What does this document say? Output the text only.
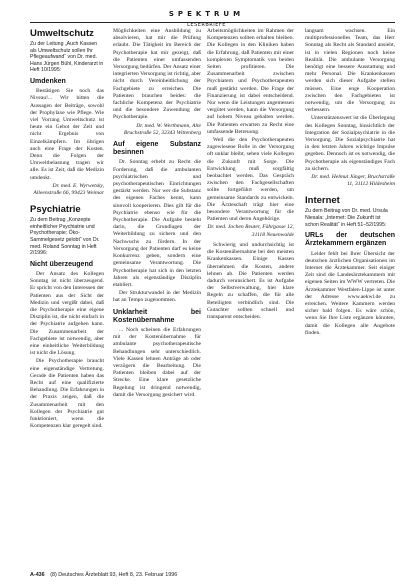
SPEKTRUM
LESERBRIEFE
Umweltschutz

Zu der Leitung „Auch Kassen als Umweltschutz sollen Ihr Pflegeaufwand“ von Dr. med. Hans Jürgen Bühl, Kinderarzt in Heft 10/1995:

Umdenken

Bestätigen Sie noch das Niveau!... Wir bitten die Aussagen der Beiträge, sowohl der Prophylaxe wie Pflege. Wie viel Vorrang Umweltschutz ist heute ein Gebot der Zeit und nicht Ergebnis von Einzelkämpfern. Im übrigen auch eine Frage der Kosten. Denn die Folgen der Umweltbelastung tragen wir alle. Es ist Zeit, daß die Medizin umdenkt.

Dr. med. E. Wyrwetsky, Alleenstraße 66, 99423 Weimar

Psychiatrie

Zu dem Beitrag „Konzepte einheitlicher Psychiatrie und Psychotherapie; Öko-Sammelgesetz gelobt“ von Dr. med. Roland Sonntag in Heft 2/1996:

Nicht überzeugend

Der Ansatz des Kollegen Sonntag ist nicht überzeugend. Er spricht von den Interessen der Patienten aus der Sicht der Medizin und vergißt dabei, daß die Psychotherapie eine eigene Disziplin ist, die nicht einfach in der Psychiatrie aufgehen kann. Die Zusammenarbeit der Fachgebiete ist notwendig, aber eine einheitliche Weiterbildung ist nicht die Lösung.

Die Psychotherapie braucht eine eigenständige Vertretung. Gerade die Patienten haben das Recht auf eine qualifizierte Behandlung. Die Erfahrungen in der Praxis zeigen, daß die Zusammenarbeit mit den Kollegen der Psychiatrie gut funktioniert, wenn die Kompetenzen klar geregelt sind.

Möglichkeiten eine Ausbildung zu absolvieren, hat mir die Prüfung erlaubt. Die Tätigkeit im Bereich der Psychotherapie hat mir gezeigt, daß die Patienten einer umfassenden Versorgung bedürfen. Der Ansatz einer integrierten Versorgung ist richtig, aber nicht durch Vereinheitlichung der Fachgebiete zu erreichen. Die Patienten brauchen beides: die fachliche Kompetenz der Psychiatrie und die besondere Zuwendung der Psychotherapie.

Dr. med. W. Werthmann, Alte Bruchstraße 52, 32343 Wittenberg

Auf eigene Substanz besinnen

Dr. Sonntag erhebt zu Recht die Forderung, daß die ambulanten psychiatrischen und psychotherapeutischen Einrichtungen gestärkt werden. Nur wer die Substanz des eigenen Faches kennt, kann sinnvoll kooperieren. Dies gilt für die Psychiatrie ebenso wie für die Psychotherapie. Die Aufgabe besteht darin, die Grundlagen der Weiterbildung zu sichern und den Nachwuchs zu fördern. In der Versorgung der Patienten darf es keine Konkurrenz geben, sondern eine gemeinsame Verantwortung. Die Psychotherapie hat sich in den letzten Jahren als eigenständige Disziplin etabliert.

Der Strukturwandel in der Medizin hat an Tempo zugenommen.

Unklarheit bei Kostenübernahme

... Noch scheinen die Erfahrungen mit der Kostenübernahme für ambulante psychotherapeutische Behandlungen sehr unterschiedlich. Viele Kassen lehnen Anträge ab oder verzögern die Bearbeitung. Die Patienten bleiben dabei auf der Strecke. Eine klare gesetzliche Regelung ist dringend notwendig, damit die Versorgung gesichert wird.

Arbeitsmöglichkeiten im Rahmen der Kompetenzen sollten erhalten bleiben. Die Kollegen in den Kliniken haben die Erfahrung, daß Patienten mit einer komplexen Symptomatik von beiden Seiten profitieren. Die Zusammenarbeit zwischen Psychiatern und Psychotherapeuten muß gestärkt werden. Die Frage der Finanzierung ist dabei entscheidend. Nur wenn die Leistungen angemessen vergütet werden, kann die Versorgung auf hohem Niveau gehalten werden. Die Patienten erwarten zu Recht eine umfassende Betreuung.

Weil die den Psychotherapeuten zugewiesene Rolle in der Versorgung oft unklar bleibt, sehen viele Kollegen die Zukunft mit Sorge. Die Entwicklung muß sorgfältig beobachtet werden. Das Gespräch zwischen den Fachgesellschaften sollte fortgeführt werden, um gemeinsame Standards zu entwickeln. Die Ärzteschaft trägt hier eine besondere Verantwortung für die Patienten und deren Angehörige.

Dr. med. Jochen Reuter, Fährgasse 12, 31118 Neuenwalde

Schwierig und undurchsichtig ist die Kostenübernahme bei den meisten Krankenkassen. Einige Kassen übernehmen die Kosten, andere lehnen ab. Die Patienten werden dadurch verunsichert. Es ist Aufgabe der Selbstverwaltung, hier klare Regeln zu schaffen, die für alle Beteiligten verbindlich sind. Die Gutachter sollten schnell und transparent entscheiden.

langsam wachsen. Ein multiprofessionelles Team, das Herr Sonntag als Recht als Standard ansieht, ist in vielen Regionen noch keine Realität. Die ambulante Versorgung benötigt eine bessere Ausstattung und mehr Personal. Die Krankenkassen werden sich dieser Aufgabe stellen müssen. Eine enge Kooperation zwischen den Fachgebieten ist notwendig, um die Versorgung zu verbessern.

Unterstützenswert ist die Überlegung des Kollegen Sonntag, hinsichtlich der Integration der Sozialpsychiatrie in die Versorgung. Die Sozialpsychiatrie hat in den letzten Jahren wichtige Impulse gegeben. Dennoch ist es notwendig, die Psychotherapie als eigenständiges Fach zu sichern.

Dr. med. Helmut Jünger, Bruchstraße 11, 31112 Hildesheim

Internet

Zu dem Beitrag von Dr. med. Ursula Niesala: „Internet: Die Zukunft ist schon Realität“ in Heft 51–52/1995:

URLs der deutschen Ärztekammern ergänzen

Leider fehlt bei Ihrer Übersicht der deutschen ärztlichen Organisationen im Internet die Ärztekammer. Seit einiger Zeit sind die Landesärztekammern mit eigenen Seiten im WWW vertreten. Die Ärztekammer Westfalen-Lippe ist unter der Adresse www.aekwl.de zu erreichen. Weitere Kammern werden sicher bald folgen. Es wäre schön, wenn Sie Ihre Liste ergänzen könnten, damit die Kollegen alle Angebote finden.

A-436 (8) Deutsches Ärzteblatt 93, Heft 8, 23. Februar 1996
